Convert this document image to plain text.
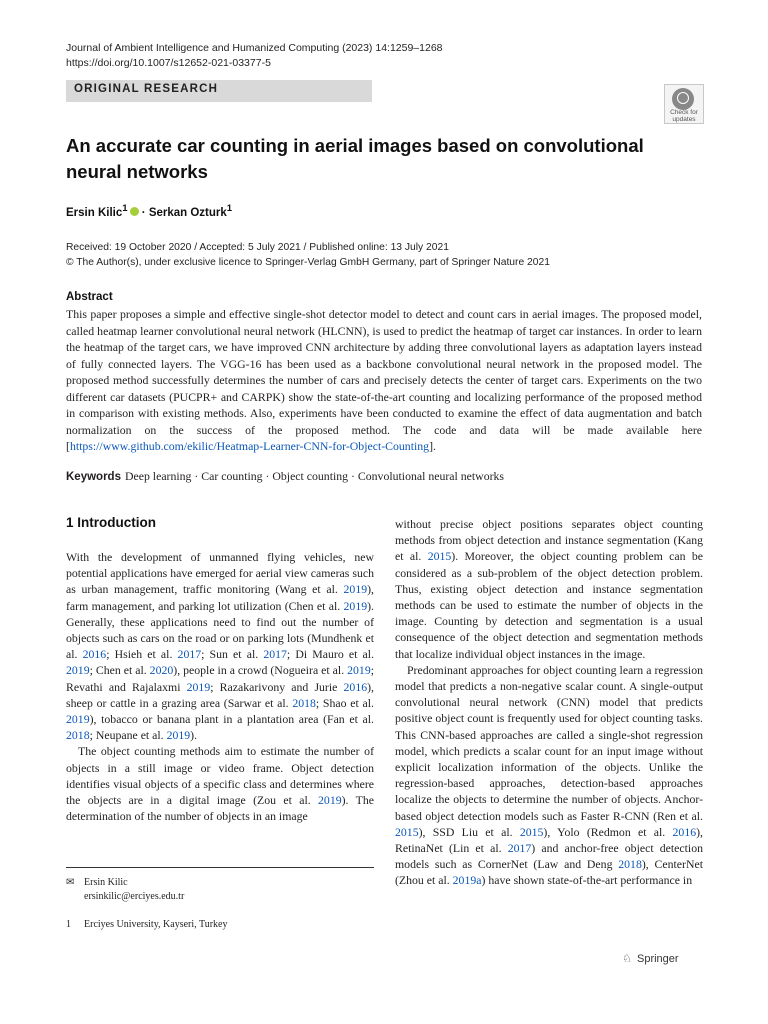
Journal of Ambient Intelligence and Humanized Computing (2023) 14:1259–1268
https://doi.org/10.1007/s12652-021-03377-5
ORIGINAL RESEARCH
Check for
updates
An accurate car counting in aerial images based on convolutional neural networks
Ersin Kilic$^1$ · Serkan Ozturk$^1$
Received: 19 October 2020 / Accepted: 5 July 2021 / Published online: 13 July 2021
© The Author(s), under exclusive licence to Springer-Verlag GmbH Germany, part of Springer Nature 2021
Abstract
This paper proposes a simple and effective single-shot detector model to detect and count cars in aerial images. The proposed model, called heatmap learner convolutional neural network (HLCNN), is used to predict the heatmap of target car instances. In order to learn the heatmap of the target cars, we have improved CNN architecture by adding three convolutional layers as adaptation layers instead of fully connected layers. The VGG-16 has been used as a backbone convolutional neural network in the proposed model. The proposed method successfully determines the number of cars and precisely detects the center of target cars. Experiments on the two different car datasets (PUCPR+ and CARPK) show the state-of-the-art counting and localizing performance of the proposed method in comparison with existing methods. Also, experiments have been conducted to examine the effect of data augmentation and batch normalization on the success of the proposed method. The code and data will be made available here [https://www.github.com/ekilic/Heatmap-Learner-CNN-for-Object-Counting].
Keywords Deep learning · Car counting · Object counting · Convolutional neural networks
1 Introduction

With the development of unmanned flying vehicles, new potential applications have emerged for aerial view cameras such as urban management, traffic monitoring (Wang et al. 2019), farm management, and parking lot utilization (Chen et al. 2019). Generally, these applications need to find out the number of objects such as cars on the road or on parking lots (Mundhenk et al. 2016; Hsieh et al. 2017; Sun et al. 2017; Di Mauro et al. 2019; Chen et al. 2020), people in a crowd (Nogueira et al. 2019; Revathi and Rajalaxmi 2019; Razakarivony and Jurie 2016), sheep or cattle in a grazing area (Sarwar et al. 2018; Shao et al. 2019), tobacco or banana plant in a plantation area (Fan et al. 2018; Neupane et al. 2019).

The object counting methods aim to estimate the number of objects in a still image or video frame. Object detection identifies visual objects of a specific class and determines where the objects are in a digital image (Zou et al. 2019). The determination of the number of objects in an image

without precise object positions separates object counting methods from object detection and instance segmentation (Kang et al. 2015). Moreover, the object counting problem can be considered as a sub-problem of the object detection problem. Thus, existing object detection and instance segmentation methods can be used to estimate the number of objects in the image. Counting by detection and segmentation is a usual consequence of the object detection and segmentation methods that localize individual object instances in the image.

Predominant approaches for object counting learn a regression model that predicts a non-negative scalar count. A single-output convolutional neural network (CNN) model that predicts positive object count is frequently used for object counting tasks. This CNN-based approaches are called a single-shot regression model, which predicts a scalar count for an input image without explicit localization information of the objects. Unlike the regression-based approaches, detection-based approaches localize the objects to determine the number of objects. Anchor-based object detection models such as Faster R-CNN (Ren et al. 2015), SSD Liu et al. 2015), Yolo (Redmon et al. 2016), RetinaNet (Lin et al. 2017) and anchor-free object detection models such as CornerNet (Law and Deng 2018), CenterNet (Zhou et al. 2019a) have shown state-of-the-art performance in

✉ Ersin Kilic
ersinkilic@erciyes.edu.tr
1	Erciyes University, Kayseri, Turkey
♘ Springer
